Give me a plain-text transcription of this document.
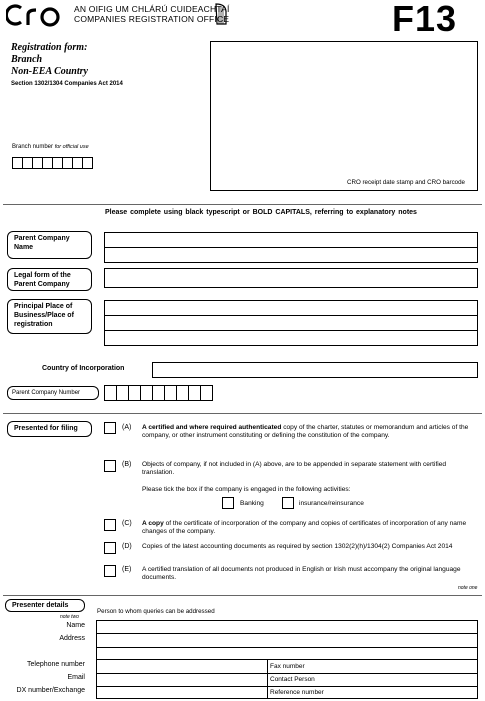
AN OIFIG UM CHLÁRÚ CUIDEACHTAÍ
COMPANIES REGISTRATION OFFICE	F13
Registration form:
Branch
Non-EEA Country
Section 1302/1304 Companies Act 2014
CRO receipt date stamp and CRO barcode
Branch number for official use
Please complete using black typescript or BOLD CAPITALS, referring to explanatory notes
Parent Company Name
Legal form of the Parent Company
Principal Place of Business/Place of registration
Country of Incorporation
Parent Company Number
Presented for filing	(A) A certified and where required authenticated copy of the charter, statutes or memorandum and articles of the company, or other instrument constituting or defining the constitution of the company.
(B) Objects of company, if not included in (A) above, are to be appended in separate statement with certified translation.
Please tick the box if the company is engaged in the following activities:
Banking	insurance/reinsurance
(C) A copy of the certificate of incorporation of the company and copies of certificates of incorporation of any name changes of the company.
(D) Copies of the latest accounting documents as required by section 1302(2)(h)/1304(2) Companies Act 2014
(E) A certified translation of all documents not produced in English or Irish must accompany the original language documents.
note one
Presenter details
note two
Person to whom queries can be addressed
Name
Address
Telephone number
Email
DX number/Exchange
Fax number
Contact Person
Reference number
